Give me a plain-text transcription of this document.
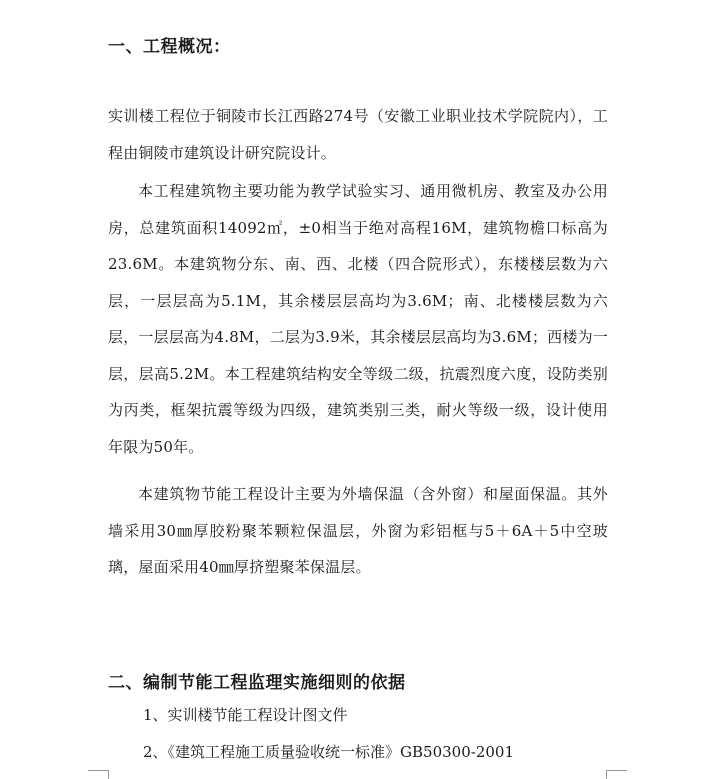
一、工程概况：

实训楼工程位于铜陵市长江西路274号（安徽工业职业技术学院院内），工程由铜陵市建筑设计研究院设计。

本工程建筑物主要功能为教学试验实习、通用微机房、教室及办公用房，总建筑面积14092㎡，±0相当于绝对高程16M，建筑物檐口标高为23.6M。本建筑物分东、南、西、北楼（四合院形式），东楼楼层数为六层，一层层高为5.1M，其余楼层层高均为3.6M；南、北楼楼层数为六层，一层层高为4.8M，二层为3.9米，其余楼层层高均为3.6M；西楼为一层，层高5.2M。本工程建筑结构安全等级二级，抗震烈度六度，设防类别为丙类，框架抗震等级为四级，建筑类别三类，耐火等级一级，设计使用年限为50年。

本建筑物节能工程设计主要为外墙保温（含外窗）和屋面保温。其外墙采用30㎜厚胶粉聚苯颗粒保温层，外窗为彩铝框与5＋6A＋5中空玻璃，屋面采用40㎜厚挤塑聚苯保温层。

二、编制节能工程监理实施细则的依据

1、实训楼节能工程设计图文件

2、《建筑工程施工质量验收统一标准》GB50300-2001
